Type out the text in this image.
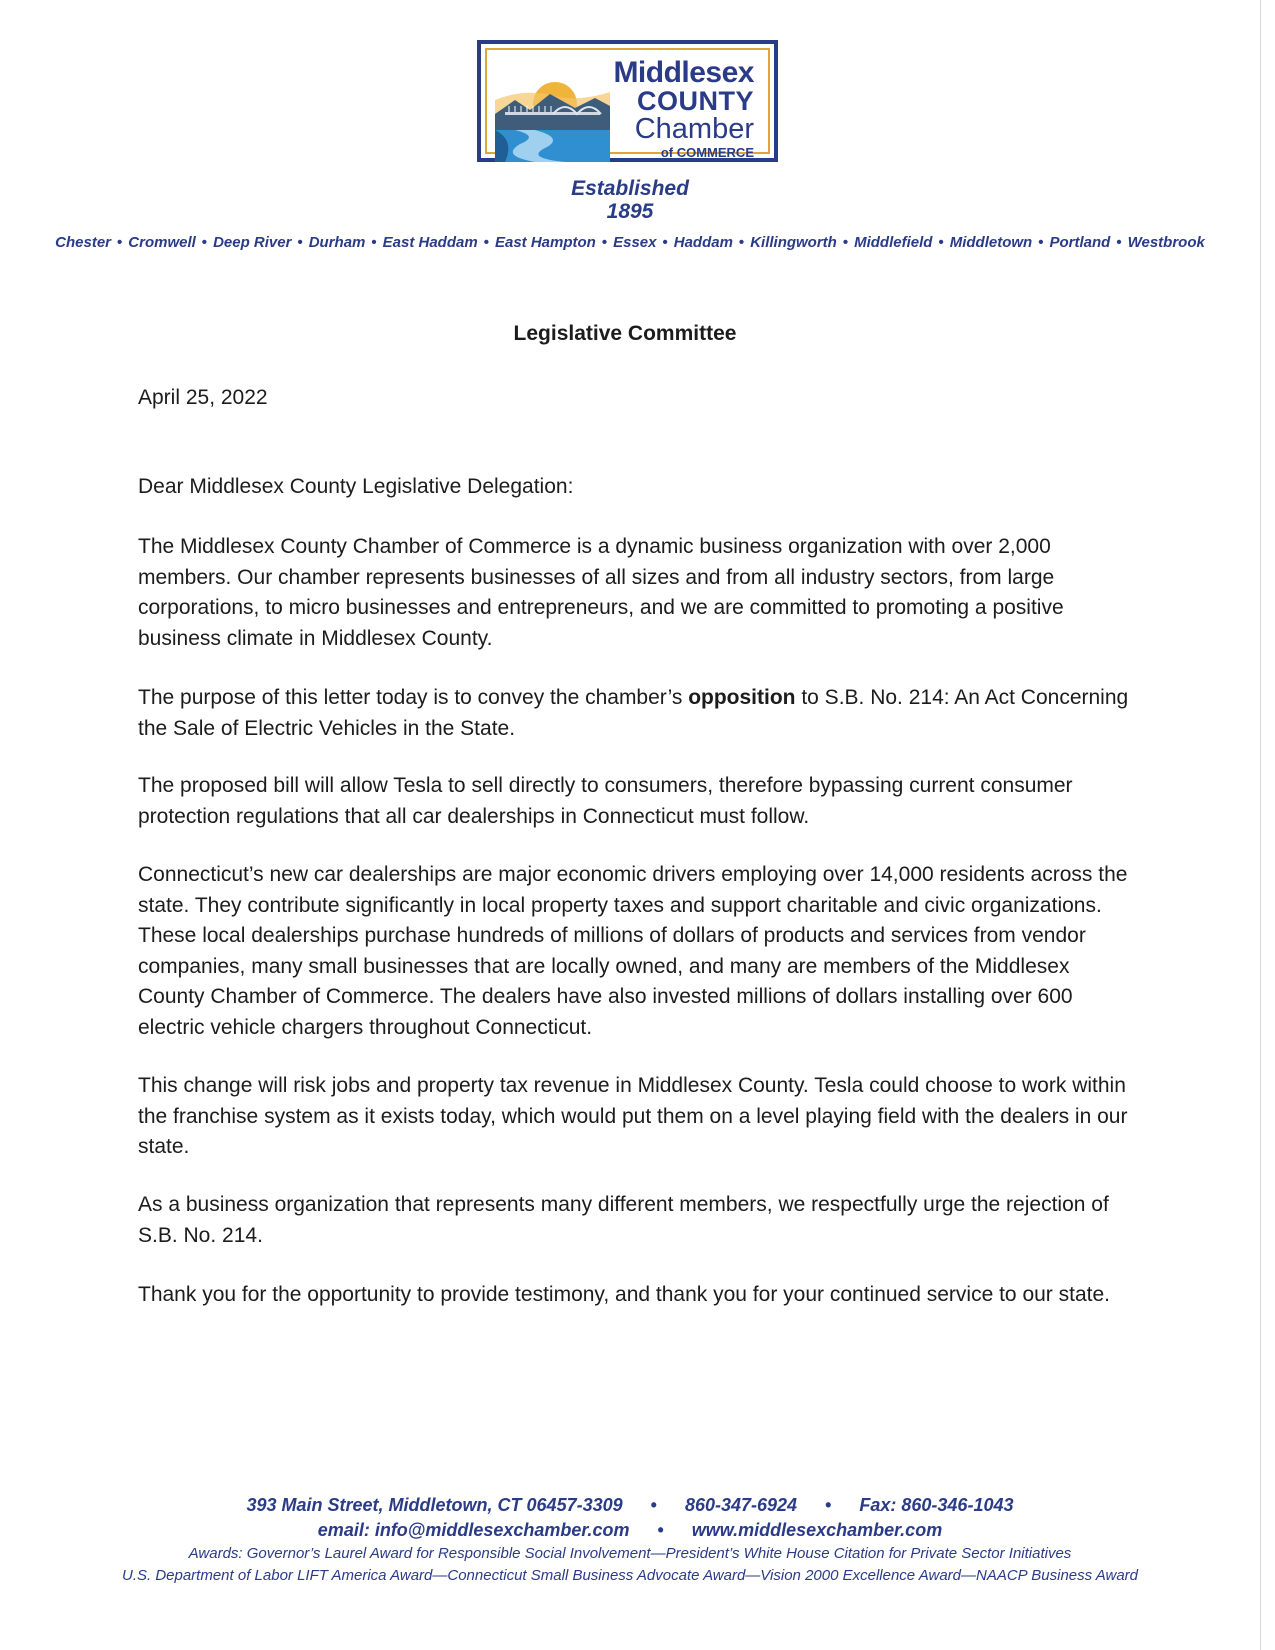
Middlesex
COUNTY
Chamber
of COMMERCE
Established
1895
Chester • Cromwell • Deep River • Durham • East Haddam • East Hampton • Essex • Haddam • Killingworth • Middlefield • Middletown • Portland • Westbrook
Legislative Committee
April 25, 2022
Dear Middlesex County Legislative Delegation:

The Middlesex County Chamber of Commerce is a dynamic business organization with over 2,000 members. Our chamber represents businesses of all sizes and from all industry sectors, from large corporations, to micro businesses and entrepreneurs, and we are committed to promoting a positive business climate in Middlesex County.

The purpose of this letter today is to convey the chamber’s opposition to S.B. No. 214: An Act Concerning the Sale of Electric Vehicles in the State.

The proposed bill will allow Tesla to sell directly to consumers, therefore bypassing current consumer protection regulations that all car dealerships in Connecticut must follow.

Connecticut’s new car dealerships are major economic drivers employing over 14,000 residents across the state. They contribute significantly in local property taxes and support charitable and civic organizations. These local dealerships purchase hundreds of millions of dollars of products and services from vendor companies, many small businesses that are locally owned, and many are members of the Middlesex County Chamber of Commerce. The dealers have also invested millions of dollars installing over 600 electric vehicle chargers throughout Connecticut.

This change will risk jobs and property tax revenue in Middlesex County. Tesla could choose to work within the franchise system as it exists today, which would put them on a level playing field with the dealers in our state.

As a business organization that represents many different members, we respectfully urge the rejection of S.B. No. 214.

Thank you for the opportunity to provide testimony, and thank you for your continued service to our state.

393 Main Street, Middletown, CT 06457-3309 • 860-347-6924 • Fax: 860-346-1043
email: info@middlesexchamber.com • www.middlesexchamber.com
Awards: Governor’s Laurel Award for Responsible Social Involvement—President’s White House Citation for Private Sector Initiatives
U.S. Department of Labor LIFT America Award—Connecticut Small Business Advocate Award—Vision 2000 Excellence Award—NAACP Business Award
